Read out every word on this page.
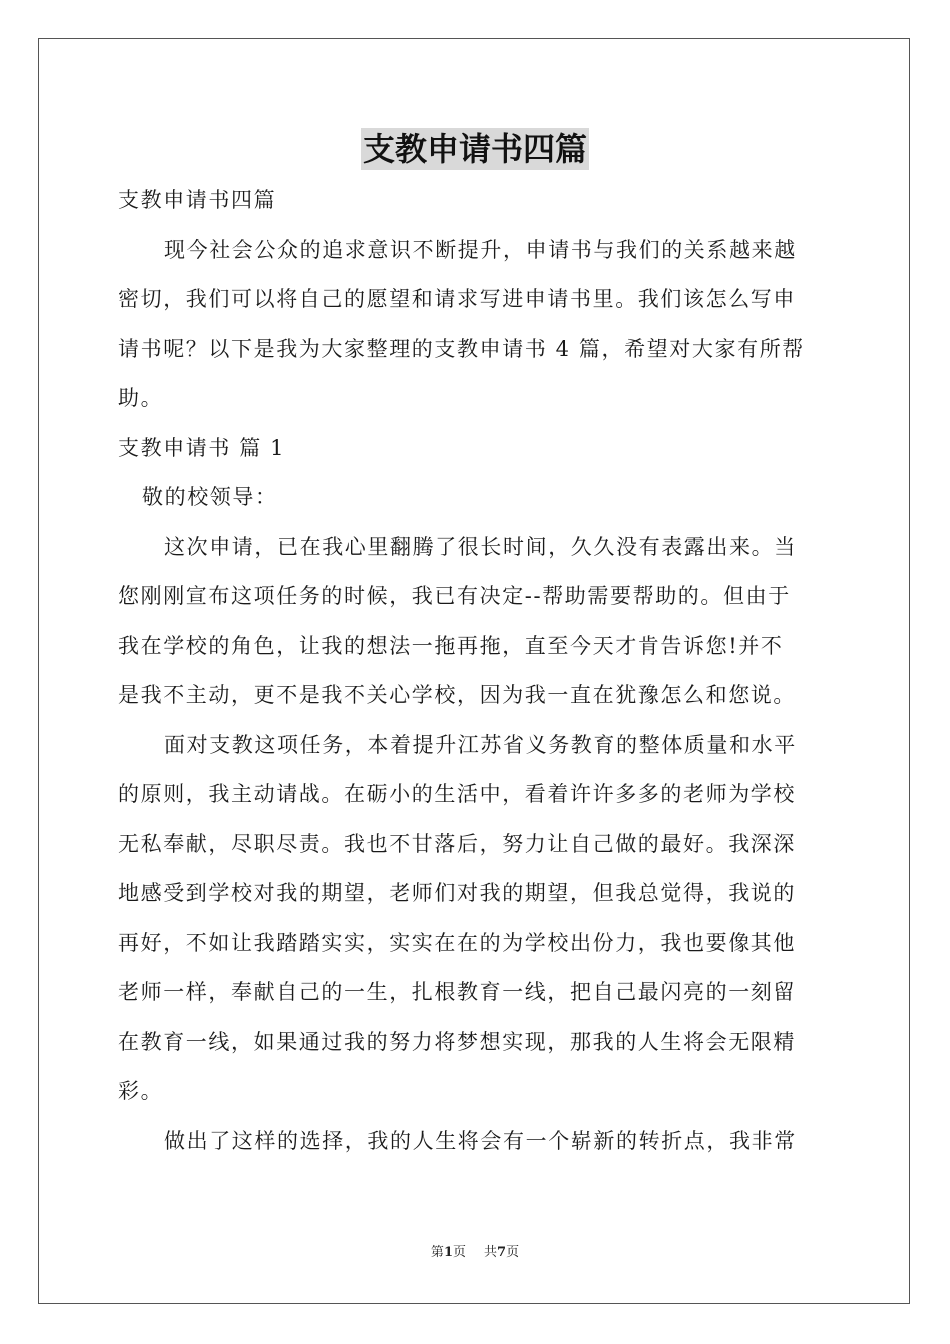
支教申请书四篇
支教申请书四篇
现今社会公众的追求意识不断提升，申请书与我们的关系越来越
密切，我们可以将自己的愿望和请求写进申请书里。我们该怎么写申
请书呢？以下是我为大家整理的支教申请书 4 篇，希望对大家有所帮
助。
支教申请书 篇 1
敬的校领导：
这次申请，已在我心里翻腾了很长时间，久久没有表露出来。当
您刚刚宣布这项任务的时候，我已有决定--帮助需要帮助的。但由于
我在学校的角色，让我的想法一拖再拖，直至今天才肯告诉您!并不
是我不主动，更不是我不关心学校，因为我一直在犹豫怎么和您说。
面对支教这项任务，本着提升江苏省义务教育的整体质量和水平
的原则，我主动请战。在砺小的生活中，看着许许多多的老师为学校
无私奉献，尽职尽责。我也不甘落后，努力让自己做的最好。我深深
地感受到学校对我的期望，老师们对我的期望，但我总觉得，我说的
再好，不如让我踏踏实实，实实在在的为学校出份力，我也要像其他
老师一样，奉献自己的一生，扎根教育一线，把自己最闪亮的一刻留
在教育一线，如果通过我的努力将梦想实现，那我的人生将会无限精
彩。
做出了这样的选择，我的人生将会有一个崭新的转折点，我非常
第1页 共7页
